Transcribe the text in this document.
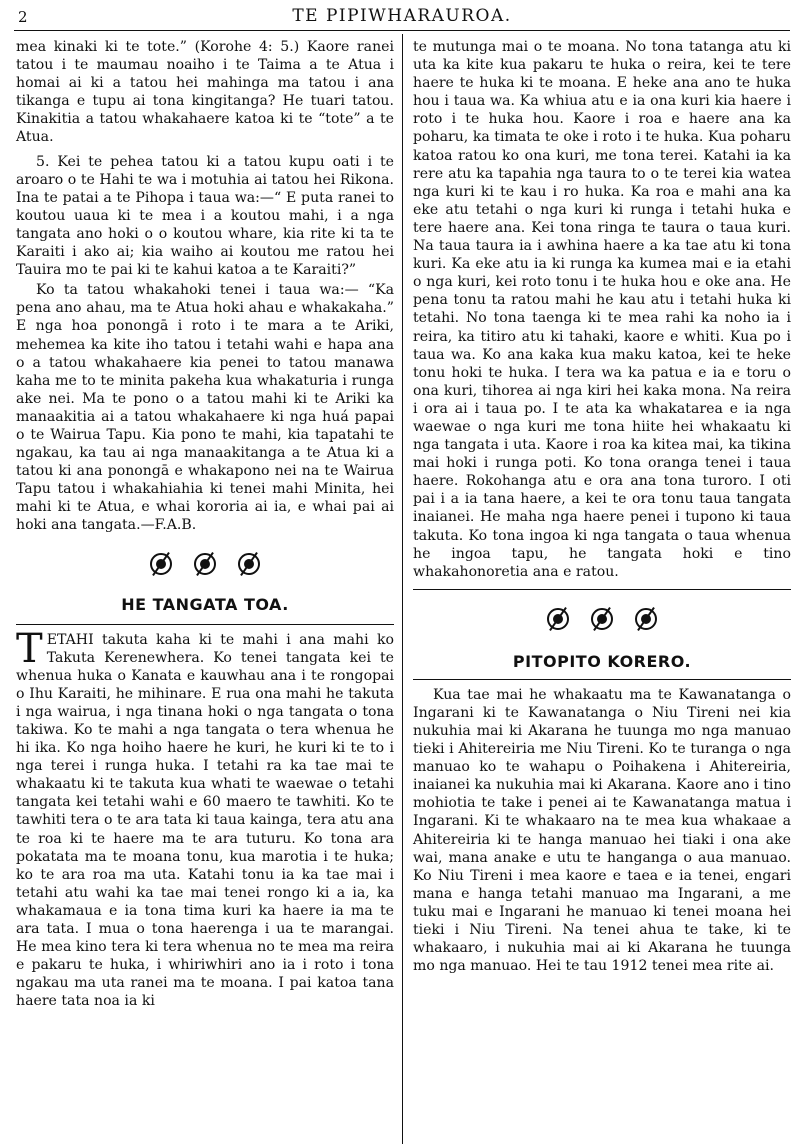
2	TE PIPIWHARAUROA.

mea kinaki ki te tote.” (Korohe 4: 5.) Kaore ranei tatou i te maumau noaiho i te Taima a te Atua i homai ai ki a tatou hei mahinga ma tatou i ana tikanga e tupu ai tona kingitanga? He tuari tatou. Kinakitia a tatou whakahaere katoa ki te “tote” a te Atua.

5. Kei te pehea tatou ki a tatou kupu oati i te aroaro o te Hahi te wa i motuhia ai tatou hei Rikona. Ina te patai a te Pihopa i taua wa:—“ E puta ranei to koutou uaua ki te mea i a koutou mahi, i a nga tangata ano hoki o o koutou whare, kia rite ki ta te Karaiti i ako ai; kia waiho ai koutou me ratou hei Tauira mo te pai ki te kahui katoa a te Karaiti?”

Ko ta tatou whakahoki tenei i taua wa:— “Ka pena ano ahau, ma te Atua hoki ahau e whakakaha.” E nga hoa ponongā i roto i te mara a te Ariki, mehemea ka kite iho tatou i tetahi wahi e hapa ana o a tatou whakahaere kia penei to tatou manawa kaha me to te minita pakeha kua whakaturia i runga ake nei. Ma te pono o a tatou mahi ki te Ariki ka manaakitia ai a tatou whakahaere ki nga huá papai o te Wairua Tapu. Kia pono te mahi, kia tapatahi te ngakau, ka tau ai nga manaakitanga a te Atua ki a tatou ki ana ponongā e whakapono nei na te Wairua Tapu tatou i whakahiahia ki tenei mahi Minita, hei mahi ki te Atua, e whai kororia ai ia, e whai pai ai hoki ana tangata.—F.A.B.

HE TANGATA TOA.
T ETAHI takuta kaha ki te mahi i ana mahi ko Takuta Kerenewhera. Ko tenei tangata kei te whenua huka o Kanata e kauwhau ana i te rongopai o Ihu Karaiti, he mihinare. E rua ona mahi he takuta i nga wairua, i nga tinana hoki o nga tangata o tona takiwa. Ko te mahi a nga tangata o tera whenua he hi ika. Ko nga hoiho haere he kuri, he kuri ki te to i nga terei i runga huka. I tetahi ra ka tae mai te whakaatu ki te takuta kua whati te waewae o tetahi tangata kei tetahi wahi e 60 maero te tawhiti. Ko te tawhiti tera o te ara tata ki taua kainga, tera atu ana te roa ki te haere ma te ara tuturu. Ko tona ara pokatata ma te moana tonu, kua marotia i te huka; ko te ara roa ma uta. Katahi tonu ia ka tae mai i tetahi atu wahi ka tae mai tenei rongo ki a ia, ka whakamaua e ia tona tima kuri ka haere ia ma te ara tata. I mua o tona haerenga i ua te marangai. He mea kino tera ki tera whenua no te mea ma reira e pakaru te huka, i whiriwhiri ano ia i roto i tona ngakau ma uta ranei ma te moana. I pai katoa tana haere tata noa ia ki

te mutunga mai o te moana. No tona tatanga atu ki uta ka kite kua pakaru te huka o reira, kei te tere haere te huka ki te moana. E heke ana ano te huka hou i taua wa. Ka whiua atu e ia ona kuri kia haere i roto i te huka hou. Kaore i roa e haere ana ka poharu, ka timata te oke i roto i te huka. Kua poharu katoa ratou ko ona kuri, me tona terei. Katahi ia ka rere atu ka tapahia nga taura to o te terei kia watea nga kuri ki te kau i ro huka. Ka roa e mahi ana ka eke atu tetahi o nga kuri ki runga i tetahi huka e tere haere ana. Kei tona ringa te taura o taua kuri. Na taua taura ia i awhina haere a ka tae atu ki tona kuri. Ka eke atu ia ki runga ka kumea mai e ia etahi o nga kuri, kei roto tonu i te huka hou e oke ana. He pena tonu ta ratou mahi he kau atu i tetahi huka ki tetahi. No tona taenga ki te mea rahi ka noho ia i reira, ka titiro atu ki tahaki, kaore e whiti. Kua po i taua wa. Ko ana kaka kua maku katoa, kei te heke tonu hoki te huka. I tera wa ka patua e ia e toru o ona kuri, tihorea ai nga kiri hei kaka mona. Na reira i ora ai i taua po. I te ata ka whakatarea e ia nga waewae o nga kuri me tona hiite hei whakaatu ki nga tangata i uta. Kaore i roa ka kitea mai, ka tikina mai hoki i runga poti. Ko tona oranga tenei i taua haere. Rokohanga atu e ora ana tona turoro. I oti pai i a ia tana haere, a kei te ora tonu taua tangata inaianei. He maha nga haere penei i tupono ki taua takuta. Ko tona ingoa ki nga tangata o taua whenua he ingoa tapu, he tangata hoki e tino whakahonoretia ana e ratou.

PITOPITO KORERO.

Kua tae mai he whakaatu ma te Kawanatanga o Ingarani ki te Kawanatanga o Niu Tireni nei kia nukuhia mai ki Akarana he tuunga mo nga manuao tieki i Ahitereiria me Niu Tireni. Ko te turanga o nga manuao ko te wahapu o Poihakena i Ahitereiria, inaianei ka nukuhia mai ki Akarana. Kaore ano i tino mohiotia te take i penei ai te Kawanatanga matua i Ingarani. Ki te whakaaro na te mea kua whakaae a Ahitereiria ki te hanga manuao hei tiaki i ona ake wai, mana anake e utu te hanganga o aua manuao. Ko Niu Tireni i mea kaore e taea e ia tenei, engari mana e hanga tetahi manuao ma Ingarani, a me tuku mai e Ingarani he manuao ki tenei moana hei tieki i Niu Tireni. Na tenei ahua te take, ki te whakaaro, i nukuhia mai ai ki Akarana he tuunga mo nga manuao. Hei te tau 1912 tenei mea rite ai.
